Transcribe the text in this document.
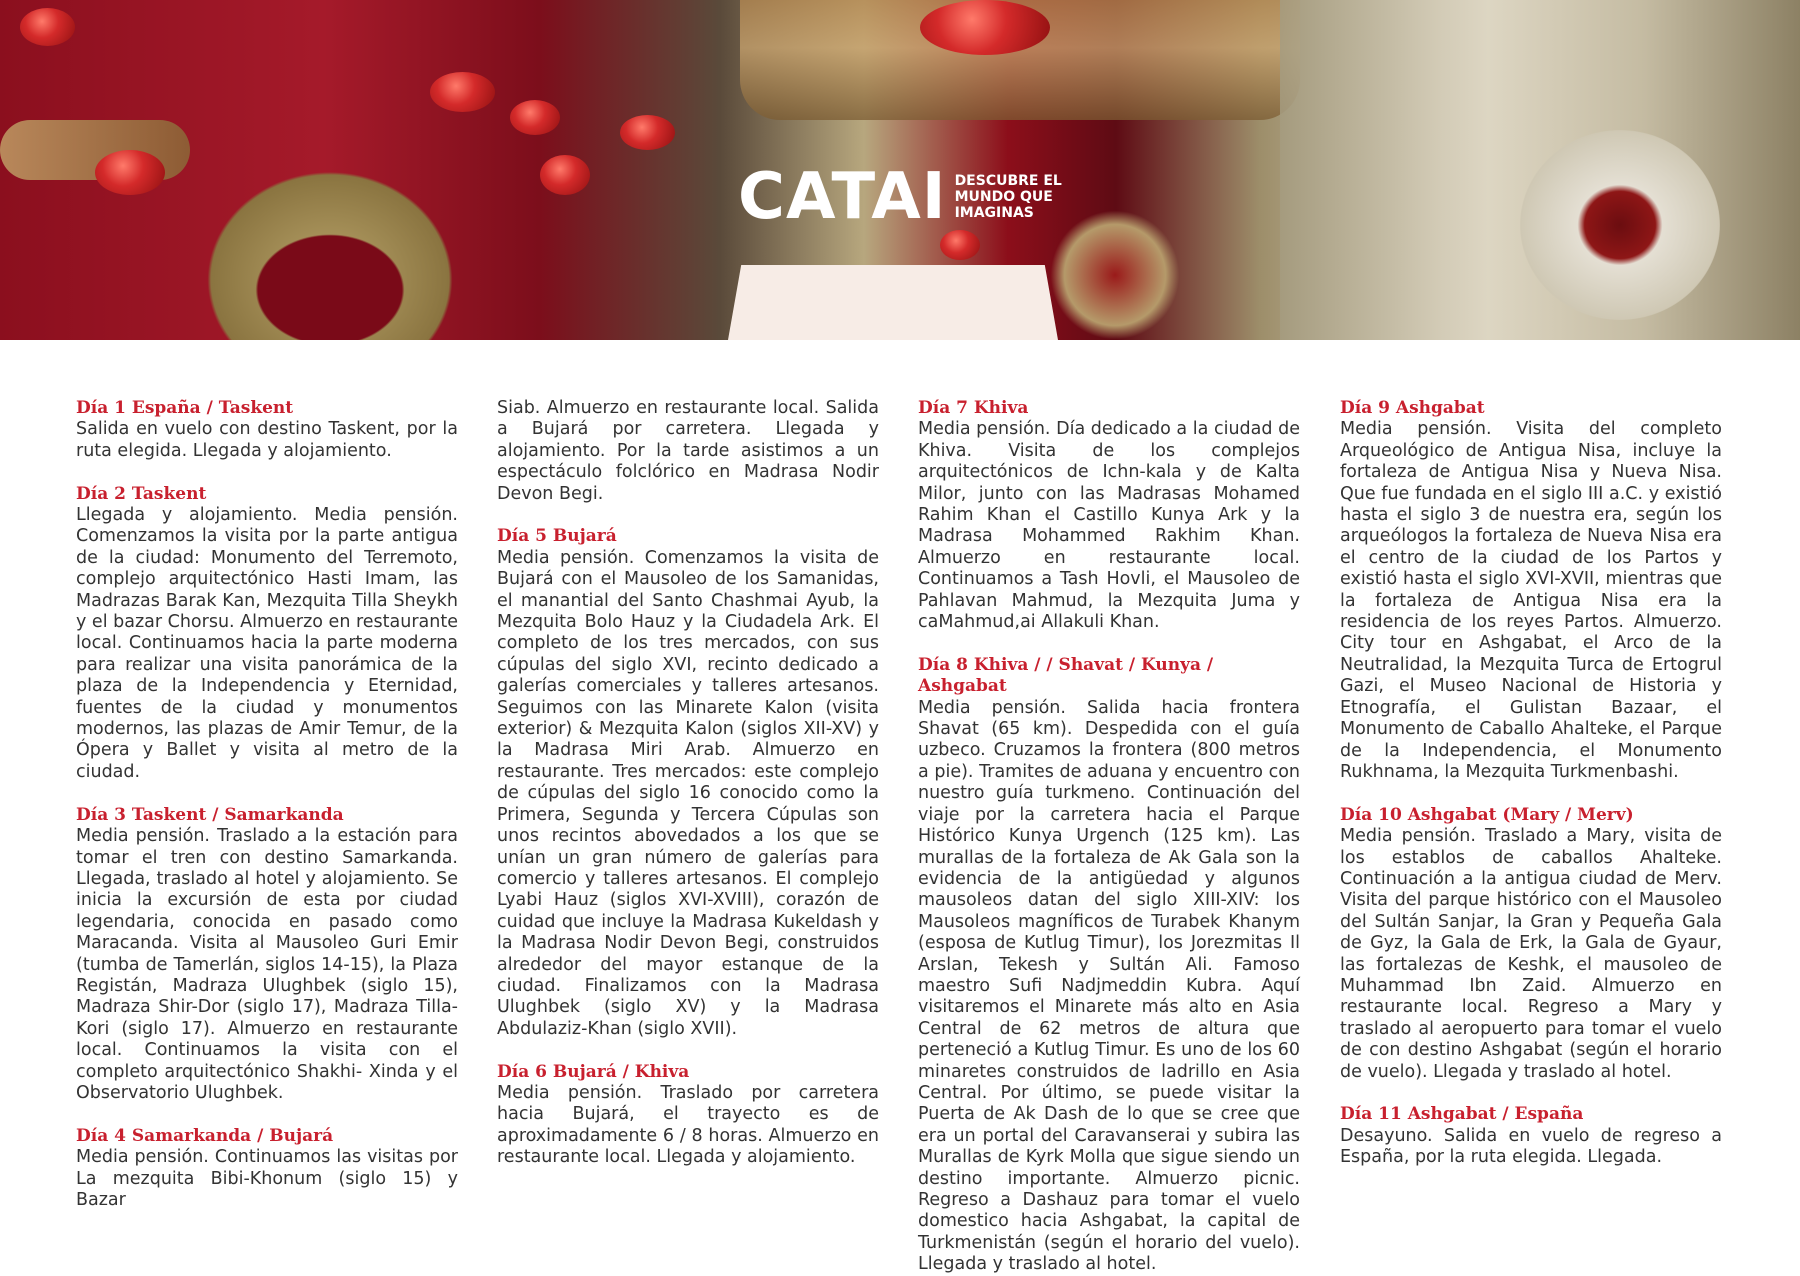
CATAI DESCUBRE EL MUNDO QUE IMAGINAS
Día 1 España / Taskent

Salida en vuelo con destino Taskent, por la ruta elegida. Llegada y alojamiento.

Día 2 Taskent

Llegada y alojamiento. Media pensión. Comenzamos la visita por la parte antigua de la ciudad: Monumento del Terremoto, complejo arquitectónico Hasti Imam, las Madrazas Barak Kan, Mezquita Tilla Sheykh y el bazar Chorsu. Almuerzo en restaurante local. Continuamos hacia la parte moderna para realizar una visita panorámica de la plaza de la Independencia y Eternidad, fuentes de la ciudad y monumentos modernos, las plazas de Amir Temur, de la Ópera y Ballet y visita al metro de la ciudad.

Día 3 Taskent / Samarkanda

Media pensión. Traslado a la estación para tomar el tren con destino Samarkanda. Llegada, traslado al hotel y alojamiento. Se inicia la excursión de esta por ciudad legendaria, conocida en pasado como Maracanda. Visita al Mausoleo Guri Emir (tumba de Tamerlán, siglos 14-15), la Plaza Registán, Madraza Ulughbek (siglo 15), Madraza Shir-Dor (siglo 17), Madraza Tilla-Kori (siglo 17). Almuerzo en restaurante local. Continuamos la visita con el completo arquitectónico Shakhi- Xinda y el Observatorio Ulughbek.

Día 4 Samarkanda / Bujará

Media pensión. Continuamos las visitas por La mezquita Bibi-Khonum (siglo 15) y Bazar

Siab. Almuerzo en restaurante local. Salida a Bujará por carretera. Llegada y alojamiento. Por la tarde asistimos a un espectáculo folclórico en Madrasa Nodir Devon Begi.

Día 5 Bujará

Media pensión. Comenzamos la visita de Bujará con el Mausoleo de los Samanidas, el manantial del Santo Chashmai Ayub, la Mezquita Bolo Hauz y la Ciudadela Ark. El completo de los tres mercados, con sus cúpulas del siglo XVI, recinto dedicado a galerías comerciales y talleres artesanos. Seguimos con las Minarete Kalon (visita exterior) & Mezquita Kalon (siglos XII-XV) y la Madrasa Miri Arab. Almuerzo en restaurante. Tres mercados: este complejo de cúpulas del siglo 16 conocido como la Primera, Segunda y Tercera Cúpulas son unos recintos abovedados a los que se unían un gran número de galerías para comercio y talleres artesanos. El complejo Lyabi Hauz (siglos XVI-XVIII), corazón de cuidad que incluye la Madrasa Kukeldash y la Madrasa Nodir Devon Begi, construidos alrededor del mayor estanque de la ciudad. Finalizamos con la Madrasa Ulughbek (siglo XV) y la Madrasa Abdulaziz-Khan (siglo XVII).

Día 6 Bujará / Khiva

Media pensión. Traslado por carretera hacia Bujará, el trayecto es de aproximadamente 6 / 8 horas. Almuerzo en restaurante local. Llegada y alojamiento.

Día 7 Khiva

Media pensión. Día dedicado a la ciudad de Khiva. Visita de los complejos arquitectónicos de Ichn-kala y de Kalta Milor, junto con las Madrasas Mohamed Rahim Khan el Castillo Kunya Ark y la Madrasa Mohammed Rakhim Khan. Almuerzo en restaurante local. Continuamos a Tash Hovli, el Mausoleo de Pahlavan Mahmud, la Mezquita Juma y caMahmud,ai Allakuli Khan.

Día 8 Khiva / / Shavat / Kunya / Ashgabat

Media pensión. Salida hacia frontera Shavat (65 km). Despedida con el guía uzbeco. Cruzamos la frontera (800 metros a pie). Tramites de aduana y encuentro con nuestro guía turkmeno. Continuación del viaje por la carretera hacia el Parque Histórico Kunya Urgench (125 km). Las murallas de la fortaleza de Ak Gala son la evidencia de la antigüedad y algunos mausoleos datan del siglo XIII-XIV: los Mausoleos magníficos de Turabek Khanym (esposa de Kutlug Timur), los Jorezmitas Il Arslan, Tekesh y Sultán Ali. Famoso maestro Sufi Nadjmeddin Kubra. Aquí visitaremos el Minarete más alto en Asia Central de 62 metros de altura que perteneció a Kutlug Timur. Es uno de los 60 minaretes construidos de ladrillo en Asia Central. Por último, se puede visitar la Puerta de Ak Dash de lo que se cree que era un portal del Caravanserai y subira las Murallas de Kyrk Molla que sigue siendo un destino importante. Almuerzo picnic. Regreso a Dashauz para tomar el vuelo domestico hacia Ashgabat, la capital de Turkmenistán (según el horario del vuelo). Llegada y traslado al hotel.

Día 9 Ashgabat

Media pensión. Visita del completo Arqueológico de Antigua Nisa, incluye la fortaleza de Antigua Nisa y Nueva Nisa. Que fue fundada en el siglo III a.C. y existió hasta el siglo 3 de nuestra era, según los arqueólogos la fortaleza de Nueva Nisa era el centro de la ciudad de los Partos y existió hasta el siglo XVI-XVII, mientras que la fortaleza de Antigua Nisa era la residencia de los reyes Partos. Almuerzo. City tour en Ashgabat, el Arco de la Neutralidad, la Mezquita Turca de Ertogrul Gazi, el Museo Nacional de Historia y Etnografía, el Gulistan Bazaar, el Monumento de Caballo Ahalteke, el Parque de la Independencia, el Monumento Rukhnama, la Mezquita Turkmenbashi.

Día 10 Ashgabat (Mary / Merv)

Media pensión. Traslado a Mary, visita de los establos de caballos Ahalteke. Continuación a la antigua ciudad de Merv. Visita del parque histórico con el Mausoleo del Sultán Sanjar, la Gran y Pequeña Gala de Gyz, la Gala de Erk, la Gala de Gyaur, las fortalezas de Keshk, el mausoleo de Muhammad Ibn Zaid. Almuerzo en restaurante local. Regreso a Mary y traslado al aeropuerto para tomar el vuelo de con destino Ashgabat (según el horario de vuelo). Llegada y traslado al hotel.

Día 11 Ashgabat / España

Desayuno. Salida en vuelo de regreso a España, por la ruta elegida. Llegada.
